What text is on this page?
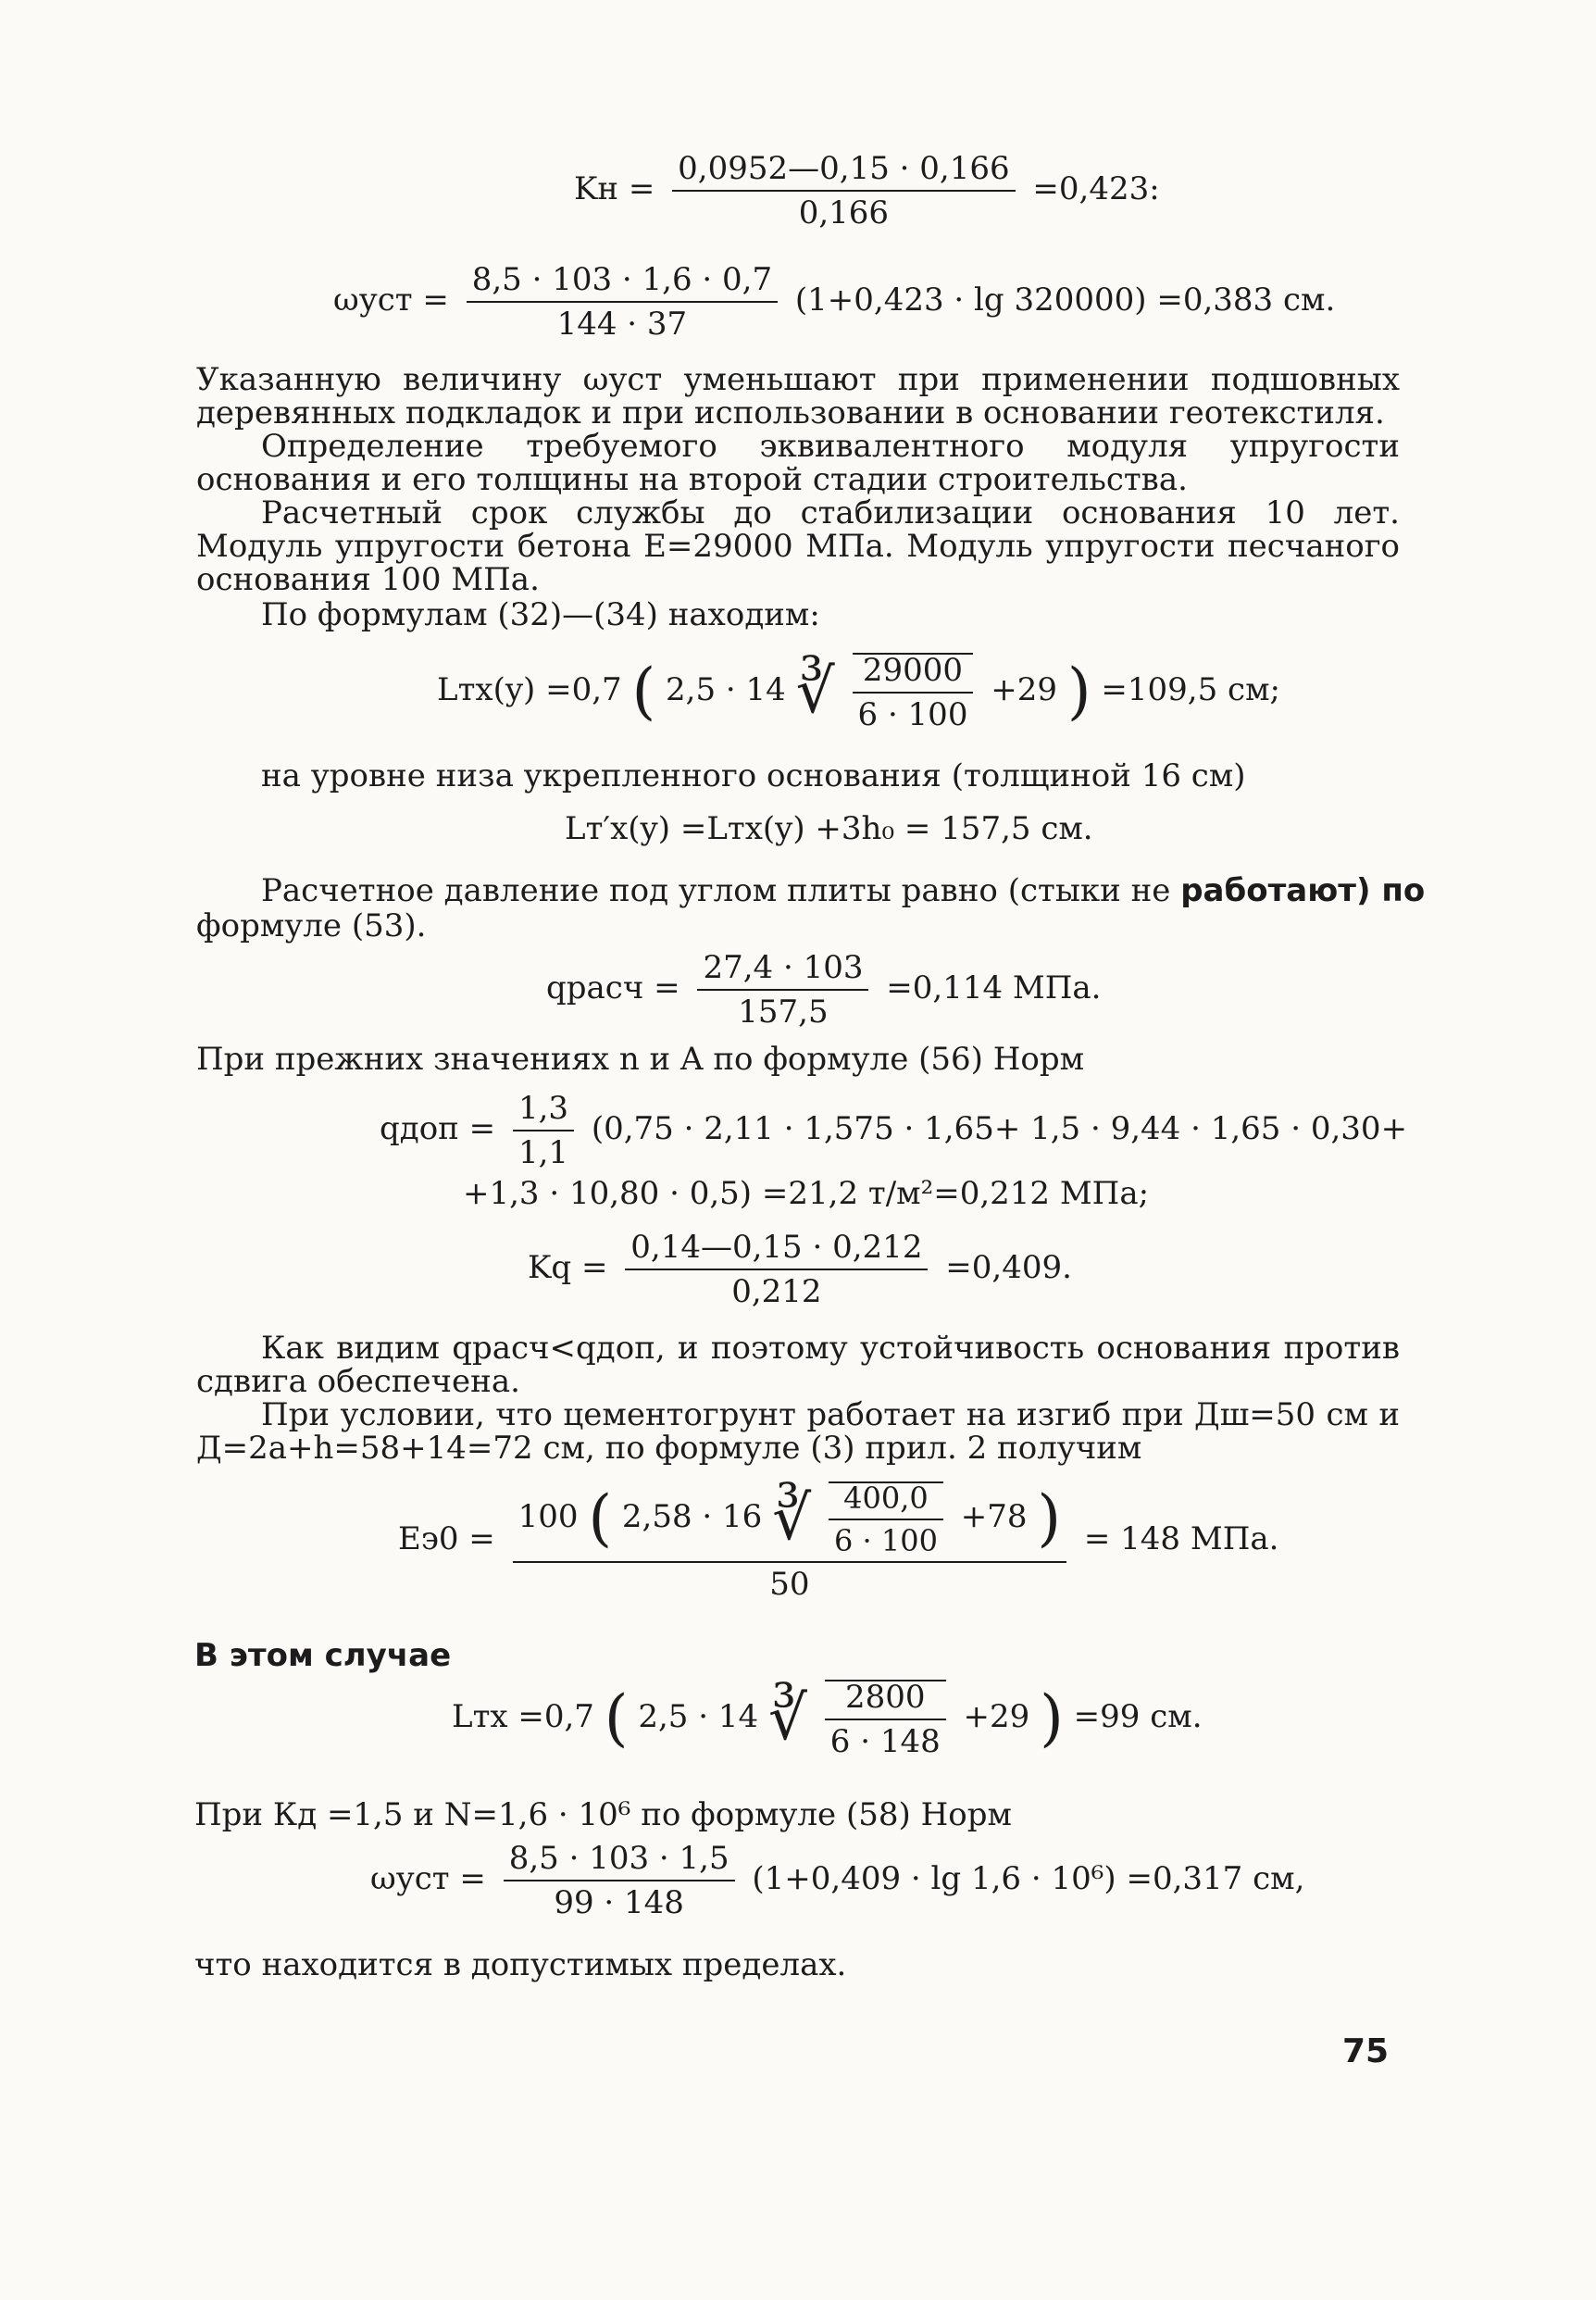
Kн = $\frac{0,0952—0,15 \cdot 0,166}{0,166} =0,423$:
$\omega уст = \frac{8,5 \cdot 103 \cdot 1,6 \cdot 0,7}{144 \cdot 37} (1+0,423 \cdot \lg 320000) =0,383$ см.
Указанную величину ωуст уменьшают при применении подшовных деревянных подкладок и при использовании в основании геотекстиля.
Определение требуемого эквивалентного модуля упругости основания и его толщины на второй стадии строительства.
Расчетный срок службы до стабилизации основания 10 лет. Модуль упругости бетона E=29000 МПа. Модуль упругости песчаного основания 100 МПа.
По формулам (32)—(34) находим:
Lтx(y) =0,7 ( 2,5 · 14 ∛ $\frac{29000}{6 \cdot 100} +29$ ) =109,5 см;
на уровне низа укрепленного основания (толщиной 16 см)
Lт′x(y) =Lтx(y) +3h₀ = 157,5 см.
Расчетное давление под углом плиты равно (стыки не работают) по
формуле (53).
qрасч = $\frac{27,4 \cdot 103}{157,5} =0,114$ МПа.
При прежних значениях n и A по формуле (56) Норм
qдоп = $\frac{1,3}{1,1} (0,75 \cdot 2,11 \cdot 1,575 \cdot 1,65+ 1,5 \cdot 9,44 \cdot 1,65 \cdot 0,30+$
+1,3 · 10,80 · 0,5) =21,2 т/м²=0,212 МПа;
$Kq = \frac{0,14—0,15 \cdot 0,212}{0,212} =0,409$.
Как видим qрасч<qдоп, и поэтому устойчивость основания против сдвига обеспечена.
При условии, что цементогрунт работает на изгиб при Дш=50 см и Д=2a+h=58+14=72 см, по формуле (3) прил. 2 получим
Eэ0 =
100 ( 2,58 · 16 ∛ $\frac{400,0}{6 \cdot 100} +78$ )
50
= 148 МПа.
В этом случае
Lтx =0,7 ( 2,5 · 14 ∛ $\frac{2800}{6 \cdot 148} +29$ ) =99 см.
При Кд =1,5 и N=1,6 · 10⁶ по формуле (58) Норм
$\omega уст = \frac{8,5 \cdot 103 \cdot 1,5}{99 \cdot 148} (1+0,409 \cdot \lg 1,6 \cdot 10^6) =0,317$ см,
что находится в допустимых пределах.
75
